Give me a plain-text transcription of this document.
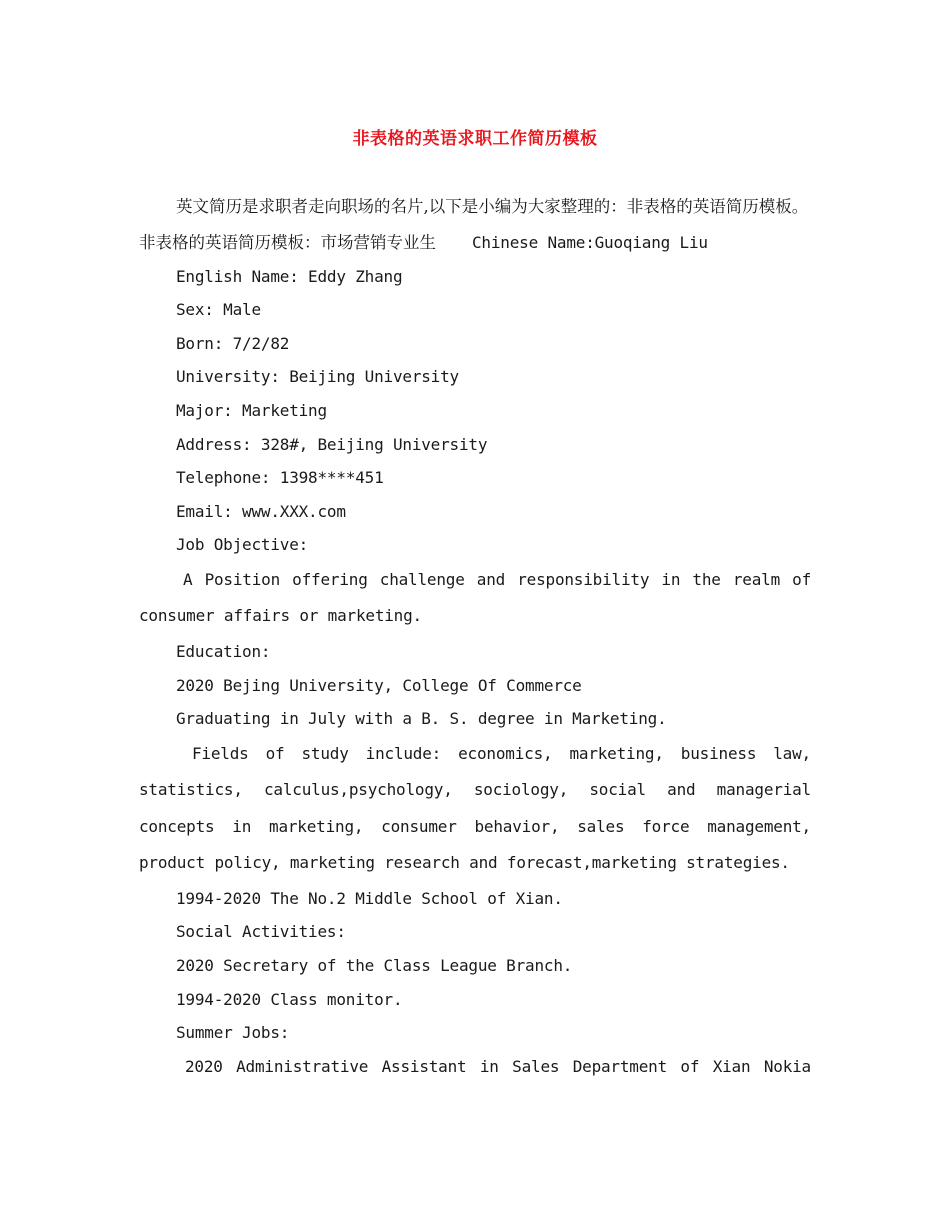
非表格的英语求职工作简历模板

英文简历是求职者走向职场的名片,以下是小编为大家整理的：非表格的英语简历模板。

非表格的英语简历模板：市场营销专业生 Chinese Name:Guoqiang Liu

English Name: Eddy Zhang

Sex: Male

Born: 7/2/82

University: Beijing University

Major: Marketing

Address: 328#, Beijing University

Telephone: 1398****451

Email: www.XXX.com

Job Objective:

A Position offering challenge and responsibility in the realm of consumer affairs or marketing.

Education:

2020 Bejing University, College Of Commerce

Graduating in July with a B. S. degree in Marketing.

Fields of study include: economics, marketing, business law, statistics, calculus,psychology, sociology, social and managerial concepts in marketing, consumer behavior, sales force management, product policy, marketing research and forecast,marketing strategies.

1994-2020 The No.2 Middle School of Xian.

Social Activities:

2020 Secretary of the Class League Branch.

1994-2020 Class monitor.

Summer Jobs:

2020 Administrative Assistant in Sales Department of Xian Nokia
